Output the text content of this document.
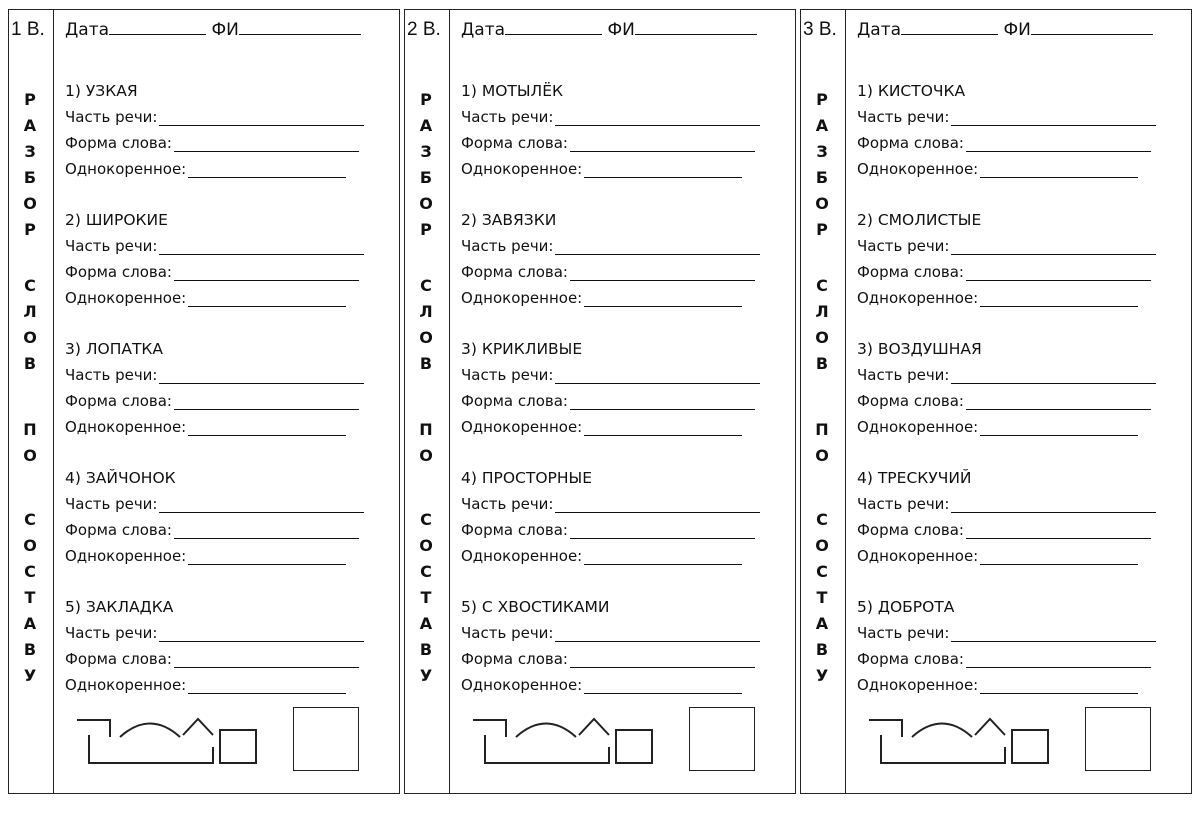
1 В.
Р
А
З
Б
О
Р
С
Л
О
В
П
О
С
О
С
Т
А
В
У
Дата	ФИ
1) УЗКАЯ
Часть речи:
Форма слова:
Однокоренное:
2) ШИРОКИЕ
Часть речи:
Форма слова:
Однокоренное:
3) ЛОПАТКА
Часть речи:
Форма слова:
Однокоренное:
4) ЗАЙЧОНОК
Часть речи:
Форма слова:
Однокоренное:
5) ЗАКЛАДКА
Часть речи:
Форма слова:
Однокоренное:
2 В.
Р
А
З
Б
О
Р
С
Л
О
В
П
О
С
О
С
Т
А
В
У
Дата	ФИ
1) МОТЫЛЁК
Часть речи:
Форма слова:
Однокоренное:
2) ЗАВЯЗКИ
Часть речи:
Форма слова:
Однокоренное:
3) КРИКЛИВЫЕ
Часть речи:
Форма слова:
Однокоренное:
4) ПРОСТОРНЫЕ
Часть речи:
Форма слова:
Однокоренное:
5) С ХВОСТИКАМИ
Часть речи:
Форма слова:
Однокоренное:
3 В.
Р
А
З
Б
О
Р
С
Л
О
В
П
О
С
О
С
Т
А
В
У
Дата	ФИ
1) КИСТОЧКА
Часть речи:
Форма слова:
Однокоренное:
2) СМОЛИСТЫЕ
Часть речи:
Форма слова:
Однокоренное:
3) ВОЗДУШНАЯ
Часть речи:
Форма слова:
Однокоренное:
4) ТРЕСКУЧИЙ
Часть речи:
Форма слова:
Однокоренное:
5) ДОБРОТА
Часть речи:
Форма слова:
Однокоренное:
